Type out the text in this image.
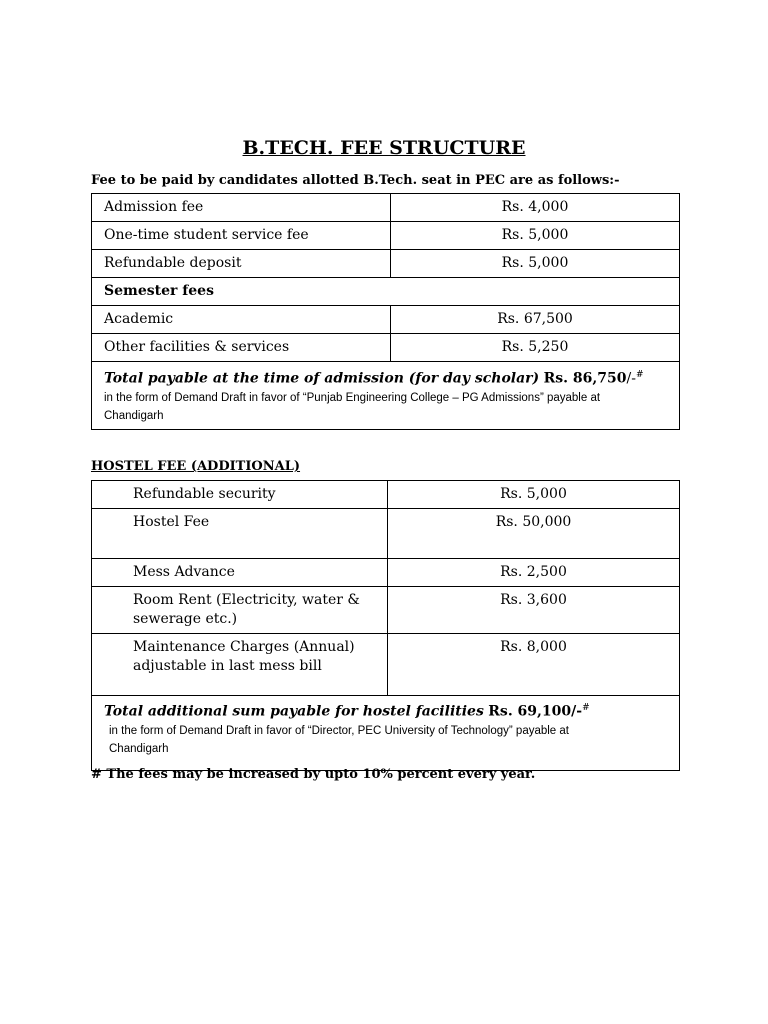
B.TECH. FEE STRUCTURE
Fee to be paid by candidates allotted B.Tech. seat in PEC are as follows:-
Admission fee	Rs. 4,000
One-time student service fee	Rs. 5,000
Refundable deposit	Rs. 5,000
Semester fees	
Academic	Rs. 67,500
Other facilities & services	Rs. 5,250

Total payable at the time of admission (for day scholar) Rs. 86,750/-#
in the form of Demand Draft in favor of “Punjab Engineering College – PG Admissions” payable at
Chandigarh	
HOSTEL FEE (ADDITIONAL)
Refundable security	Rs. 5,000
Hostel Fee	Rs. 50,000
Mess Advance	Rs. 2,500
Room Rent (Electricity, water & sewerage etc.)	Rs. 3,600
Maintenance Charges (Annual) adjustable in last mess bill	Rs. 8,000

Total additional sum payable for hostel facilities Rs. 69,100/-#
in the form of Demand Draft in favor of “Director, PEC University of Technology” payable at
Chandigarh	
# The fees may be increased by upto 10% percent every year.
